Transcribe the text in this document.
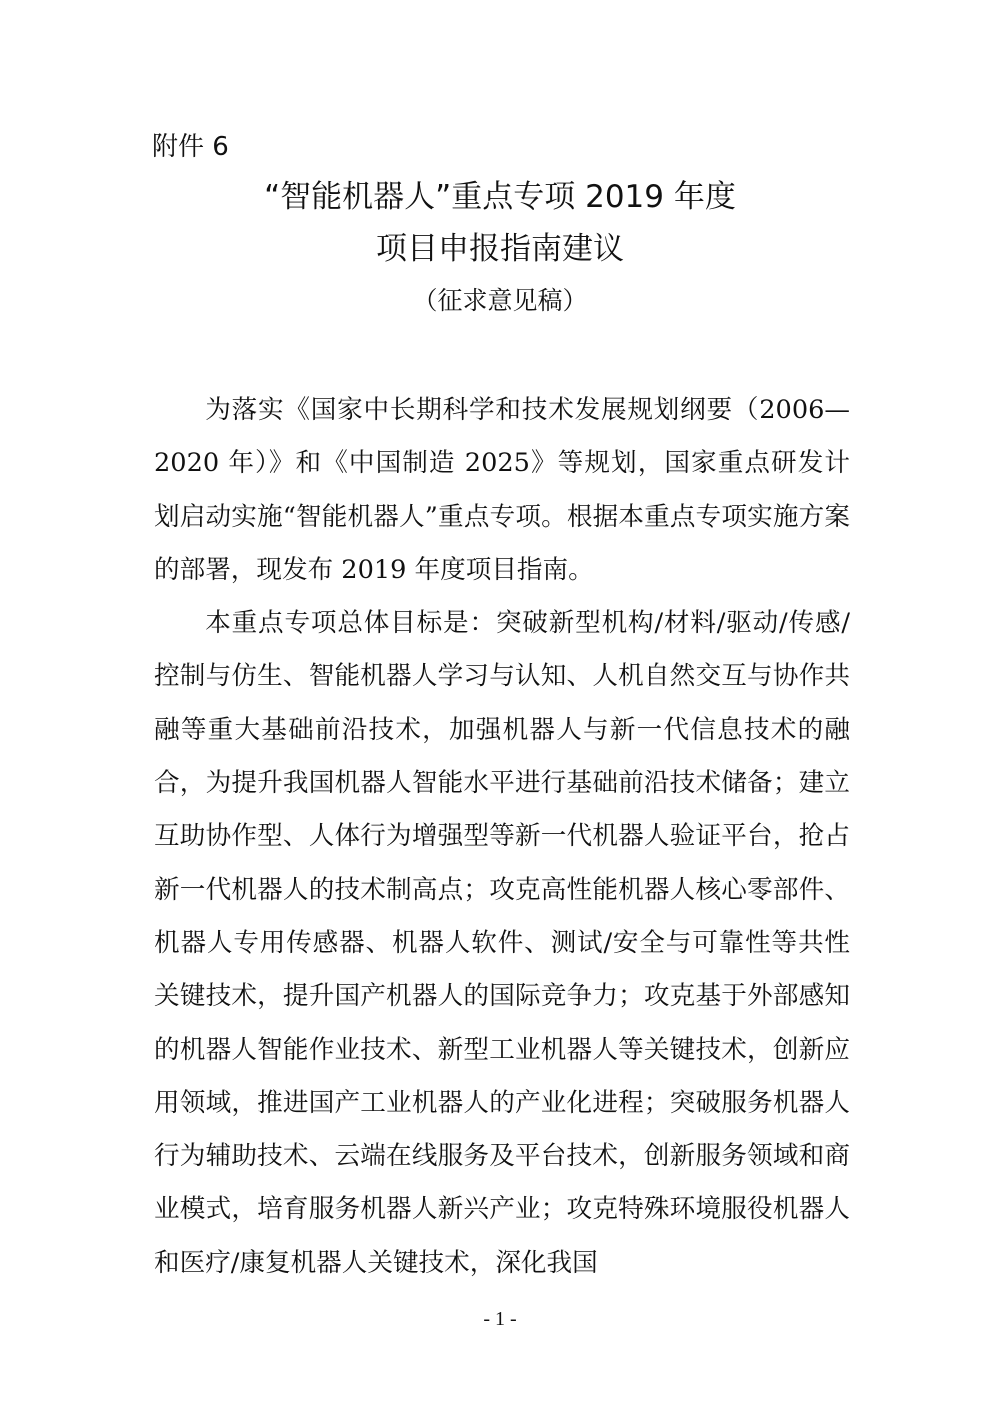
附件 6
“智能机器人”重点专项 2019 年度
项目申报指南建议
（征求意见稿）

为落实《国家中长期科学和技术发展规划纲要（2006—2020 年）》和《中国制造 2025》等规划，国家重点研发计划启动实施“智能机器人”重点专项。根据本重点专项实施方案的部署，现发布 2019 年度项目指南。

本重点专项总体目标是：突破新型机构/材料/驱动/传感/控制与仿生、智能机器人学习与认知、人机自然交互与协作共融等重大基础前沿技术，加强机器人与新一代信息技术的融合，为提升我国机器人智能水平进行基础前沿技术储备；建立互助协作型、人体行为增强型等新一代机器人验证平台，抢占新一代机器人的技术制高点；攻克高性能机器人核心零部件、机器人专用传感器、机器人软件、测试/安全与可靠性等共性关键技术，提升国产机器人的国际竞争力；攻克基于外部感知的机器人智能作业技术、新型工业机器人等关键技术，创新应用领域，推进国产工业机器人的产业化进程；突破服务机器人行为辅助技术、云端在线服务及平台技术，创新服务领域和商业模式，培育服务机器人新兴产业；攻克特殊环境服役机器人和医疗/康复机器人关键技术，深化我国

- 1 -
